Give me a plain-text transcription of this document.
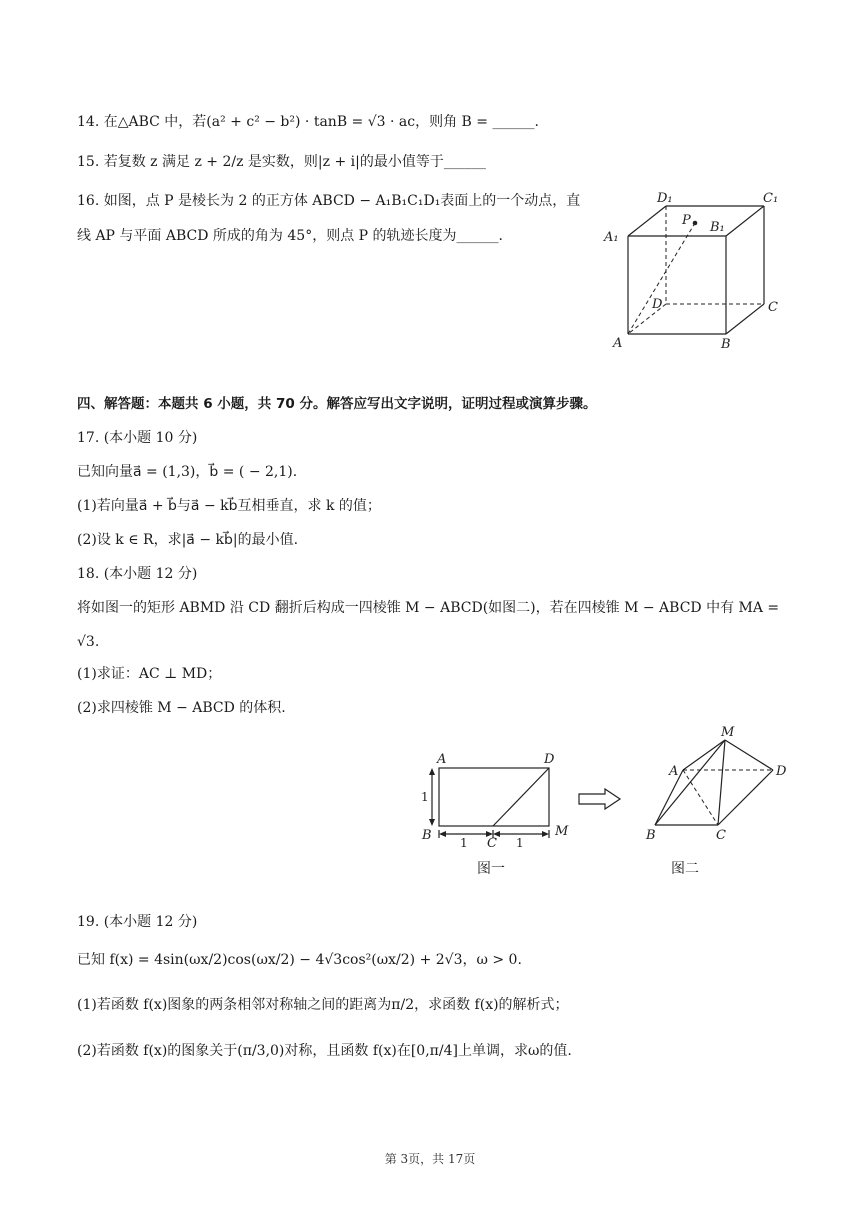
14. 在△ABC 中，若(a² + c² − b²) · tanB = √3 · ac，则角 B = ______.
15. 若复数 z 满足 z + 2/z 是实数，则|z + i|的最小值等于______
16. 如图，点 P 是棱长为 2 的正方体 ABCD − A₁B₁C₁D₁表面上的一个动点，直
线 AP 与平面 ABCD 所成的角为 45°，则点 P 的轨迹长度为______.
D₁	C₁
A₁
B₁
P
D	C
A	B
四、解答题：本题共 6 小题，共 70 分。解答应写出文字说明，证明过程或演算步骤。
17. (本小题 10 分)
已知向量a⃗ = (1,3)，b⃗ = ( − 2,1).
(1)若向量a⃗ + b⃗与a⃗ − kb⃗互相垂直，求 k 的值；
(2)设 k ∈ R，求|a⃗ − kb⃗|的最小值.
18. (本小题 12 分)
将如图一的矩形 ABMD 沿 CD 翻折后构成一四棱锥 M − ABCD(如图二)，若在四棱锥 M − ABCD 中有 MA =
√3.
(1)求证：AC ⊥ MD；
(2)求四棱锥 M − ABCD 的体积.
A	D
B
C
M
1
1	1
图一
M
A	D
B	C
图二
19. (本小题 12 分)
已知 f(x) = 4sin(ωx/2)cos(ωx/2) − 4√3cos²(ωx/2) + 2√3，ω > 0.
(1)若函数 f(x)图象的两条相邻对称轴之间的距离为π/2，求函数 f(x)的解析式；
(2)若函数 f(x)的图象关于(π/3,0)对称，且函数 f(x)在[0,π/4]上单调，求ω的值.
第 3页，共 17页
